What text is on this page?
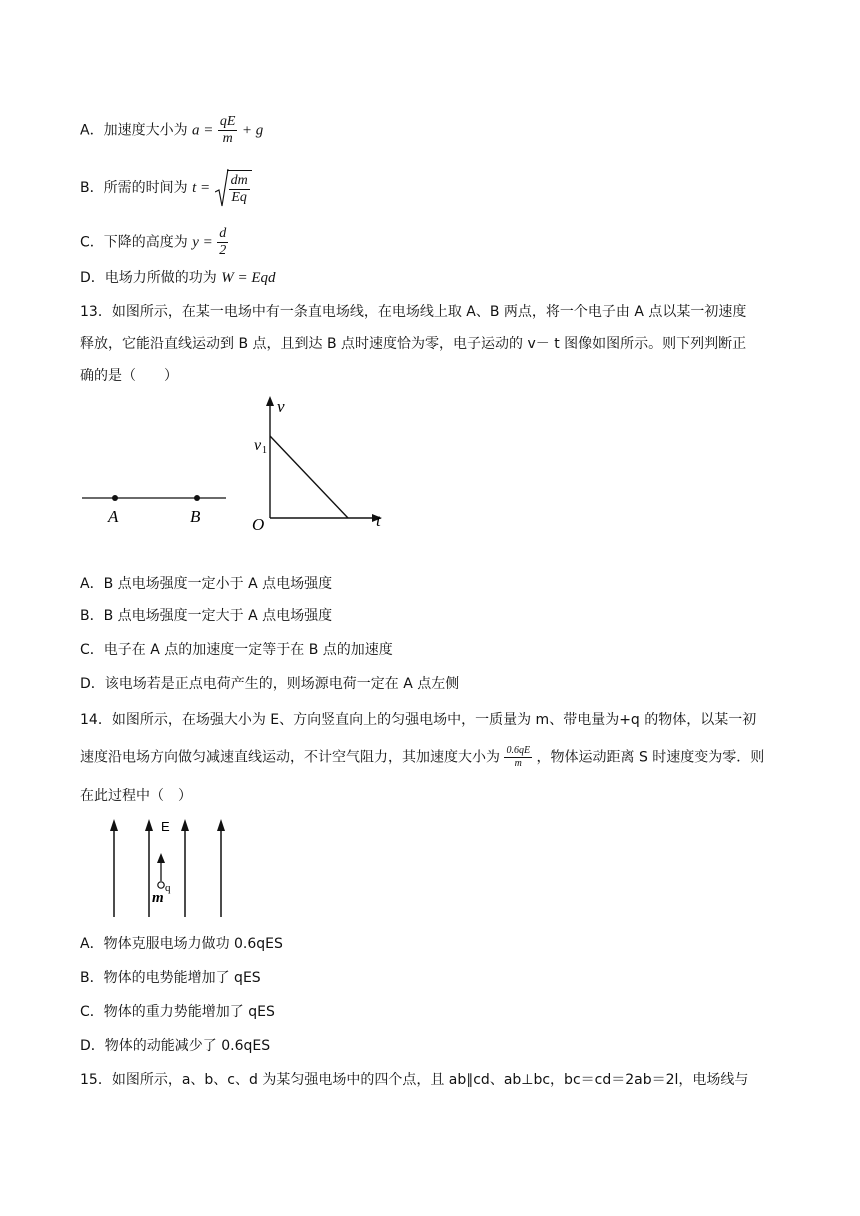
A．加速度大小为 $a = \frac{qE}{m} + g$
B．所需的时间为 $t = \frac{dm}{Eq}$
C．下降的高度为 $y = \frac{d}{2}$
D．电场力所做的功为 W = Eqd
13．如图所示，在某一电场中有一条直电场线，在电场线上取 A、B 两点，将一个电子由 A 点以某一初速度
释放，它能沿直线运动到 B 点，且到达 B 点时速度恰为零，电子运动的 v－ t 图像如图所示。则下列判断正
确的是（　　）
A	B
v
v 1
O	t
A．B 点电场强度一定小于 A 点电场强度
B．B 点电场强度一定大于 A 点电场强度
C．电子在 A 点的加速度一定等于在 B 点的加速度
D．该电场若是正点电荷产生的，则场源电荷一定在 A 点左侧
14．如图所示，在场强大小为 E、方向竖直向上的匀强电场中，一质量为 m、带电量为+q 的物体，以某一初
速度沿电场方向做匀减速直线运动，不计空气阻力，其加速度大小为 $\frac{0.6qE}{m}$ ，物体运动距离 S 时速度变为零．则
在此过程中（　）
E
q
m
A．物体克服电场力做功 0.6qES
B．物体的电势能增加了 qES
C．物体的重力势能增加了 qES
D．物体的动能减少了 0.6qES
15．如图所示，a、b、c、d 为某匀强电场中的四个点，且 ab∥cd、ab⊥bc，bc＝cd＝2ab＝2l，电场线与
